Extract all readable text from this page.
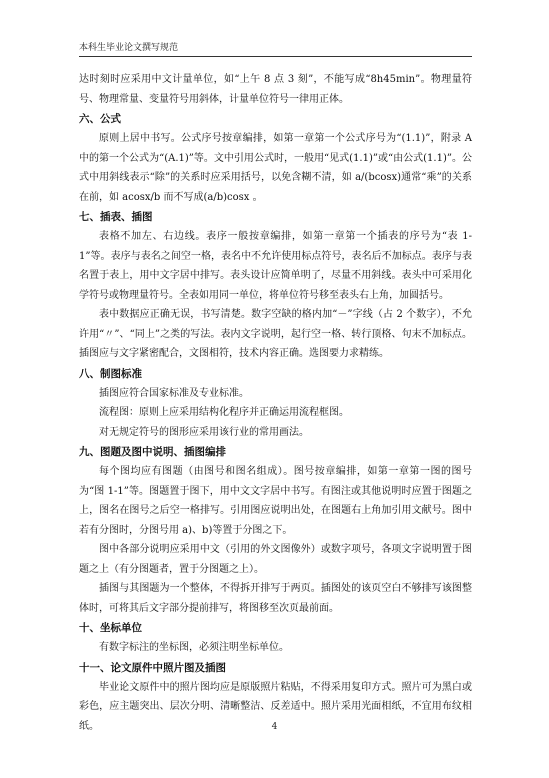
本科生毕业论文撰写规范

达时刻时应采用中文计量单位，如“上午 8 点 3 刻”，不能写成“8h45min”。物理量符号、物理常量、变量符号用斜体，计量单位符号一律用正体。

六、公式

原则上居中书写。公式序号按章编排，如第一章第一个公式序号为“(1.1)”，附录 A 中的第一个公式为“(A.1)”等。文中引用公式时，一般用“见式(1.1)”或“由公式(1.1)”。公式中用斜线表示“除”的关系时应采用括号，以免含糊不清，如 a/(bcosx)通常“乘”的关系在前，如 acosx/b 而不写成(a/b)cosx 。

七、插表、插图

表格不加左、右边线。表序一般按章编排，如第一章第一个插表的序号为“表 1-1”等。表序与表名之间空一格，表名中不允许使用标点符号，表名后不加标点。表序与表名置于表上，用中文字居中排写。表头设计应简单明了，尽量不用斜线。表头中可采用化学符号或物理量符号。全表如用同一单位，将单位符号移至表头右上角，加圆括号。

表中数据应正确无误，书写清楚。数字空缺的格内加“－”字线（占 2 个数字），不允许用“〃”、“同上”之类的写法。表内文字说明，起行空一格、转行顶格、句末不加标点。插图应与文字紧密配合，文图相符，技术内容正确。选图要力求精练。

八、制图标准

插图应符合国家标准及专业标准。

流程图：原则上应采用结构化程序并正确运用流程框图。

对无规定符号的图形应采用该行业的常用画法。

九、图题及图中说明、插图编排

每个图均应有图题（由图号和图名组成）。图号按章编排，如第一章第一图的图号为“图 1-1”等。图题置于图下，用中文文字居中书写。有图注或其他说明时应置于图题之上，图名在图号之后空一格排写。引用图应说明出处，在图题右上角加引用文献号。图中若有分图时，分图号用 a)、b)等置于分图之下。

图中各部分说明应采用中文（引用的外文图像外）或数字项号，各项文字说明置于图题之上（有分图题者，置于分图题之上）。

插图与其图题为一个整体，不得拆开排写于两页。插图处的该页空白不够排写该图整体时，可将其后文字部分提前排写，将图移至次页最前面。

十、坐标单位

有数字标注的坐标图，必须注明坐标单位。

十一、论文原件中照片图及插图

毕业论文原件中的照片图均应是原版照片粘贴，不得采用复印方式。照片可为黑白或彩色，应主题突出、层次分明、清晰整洁、反差适中。照片采用光面相纸，不宜用布纹相纸。	4
